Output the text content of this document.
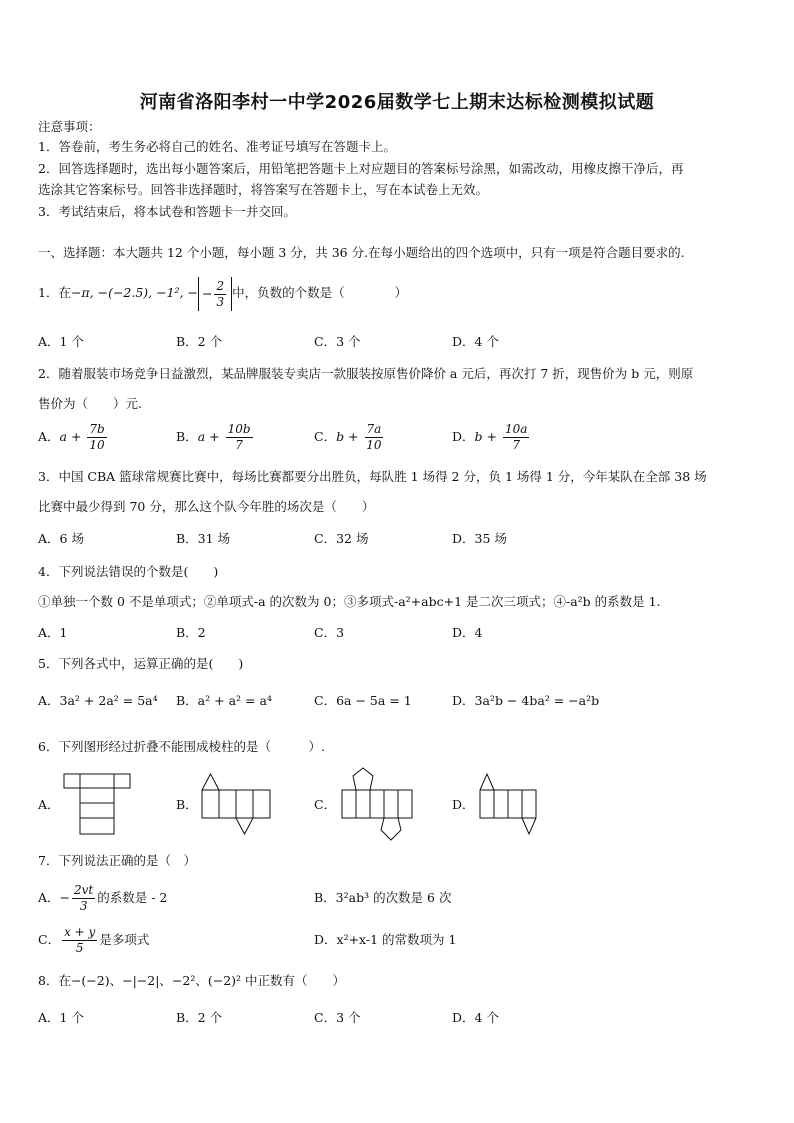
河南省洛阳李村一中学2026届数学七上期末达标检测模拟试题
注意事项：
1．答卷前，考生务必将自己的姓名、准考证号填写在答题卡上。
2．回答选择题时，选出每小题答案后，用铅笔把答题卡上对应题目的答案标号涂黑，如需改动，用橡皮擦干净后，再
选涂其它答案标号。回答非选择题时，将答案写在答题卡上，写在本试卷上无效。
3．考试结束后，将本试卷和答题卡一并交回。
一、选择题：本大题共 12 个小题，每小题 3 分，共 36 分.在每小题给出的四个选项中，只有一项是符合题目要求的.
1．在−π, −(−2.5), −1², − − $\frac{2}{3}$ 中，负数的个数是（　　　　）
A．1 个	B．2 个	C．3 个	D．4 个
2．随着服装市场竞争日益激烈，某品牌服装专卖店一款服装按原售价降价 a 元后，再次打 7 折，现售价为 b 元，则原
售价为（　　）元.
A．$a + \frac{7b}{10}$	B．$a + \frac{10b}{7}$	C．$b + \frac{7a}{10}$	D．$b + \frac{10a}{7}$
3．中国 CBA 篮球常规赛比赛中，每场比赛都要分出胜负，每队胜 1 场得 2 分，负 1 场得 1 分，今年某队在全部 38 场
比赛中最少得到 70 分，那么这个队今年胜的场次是（　　）
A．6 场	B．31 场	C．32 场	D．35 场
4．下列说法错误的个数是(　　)
①单独一个数 0 不是单项式；②单项式-a 的次数为 0；③多项式-a²+abc+1 是二次三项式；④-a²b 的系数是 1.
A．1	B．2	C．3	D．4
5．下列各式中，运算正确的是(　　)
A．3a² + 2a² = 5a⁴ B．a² + a² = a⁴	C．6a − 5a = 1	D．3a²b − 4ba² = −a²b
6．下列图形经过折叠不能围成棱柱的是（　　　）.
A．	B．	C．	D．
7．下列说法正确的是（　）
A．− $\frac{2vt}{3}$ 的系数是 - 2	B．3²ab³ 的次数是 6 次
C． $\frac{x + y}{5}$ 是多项式	D．x²+x-1 的常数项为 1
8．在−(−2)、−|−2|、−2²、(−2)² 中正数有（　　）
A．1 个	B．2 个	C．3 个	D．4 个
